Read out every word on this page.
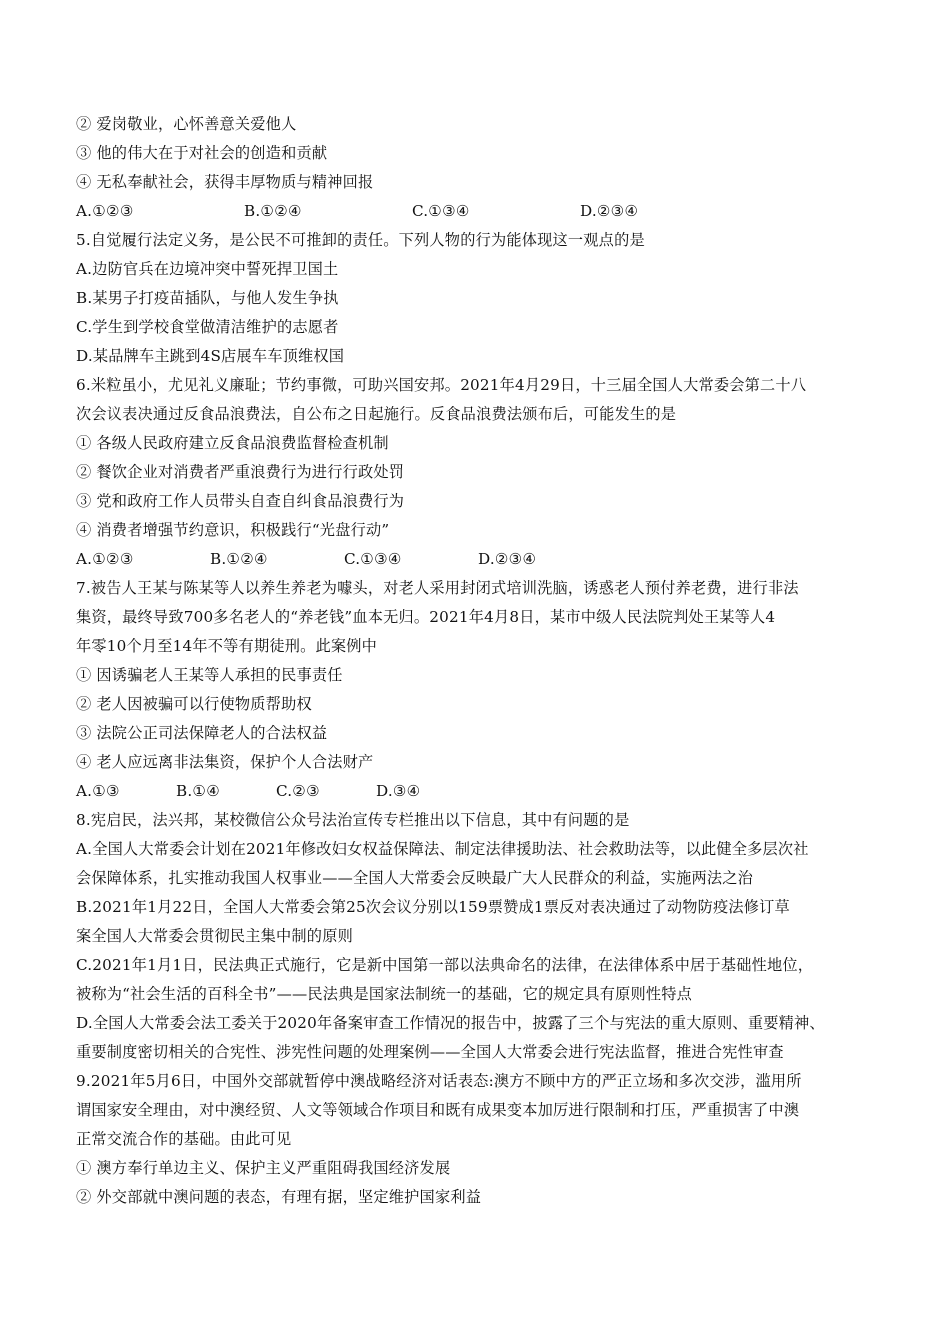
② 爱岗敬业，心怀善意关爱他人
③ 他的伟大在于对社会的创造和贡献
④ 无私奉献社会，获得丰厚物质与精神回报
A.①②③	B.①②④	C.①③④	D.②③④
5.自觉履行法定义务，是公民不可推卸的责任。下列人物的行为能体现这一观点的是
A.边防官兵在边境冲突中誓死捍卫国土
B.某男子打疫苗插队，与他人发生争执
C.学生到学校食堂做清洁维护的志愿者
D.某品牌车主跳到4S店展车车顶维权国
6.米粒虽小，尤见礼义廉耻；节约事微，可助兴国安邦。2021年4月29日，十三届全国人大常委会第二十八
次会议表决通过反食品浪费法，自公布之日起施行。反食品浪费法颁布后，可能发生的是
① 各级人民政府建立反食品浪费监督检查机制
② 餐饮企业对消费者严重浪费行为进行行政处罚
③ 党和政府工作人员带头自查自纠食品浪费行为
④ 消费者增强节约意识，积极践行“光盘行动”
A.①②③	B.①②④	C.①③④	D.②③④
7.被告人王某与陈某等人以养生养老为噱头，对老人采用封闭式培训洗脑，诱惑老人预付养老费，进行非法
集资，最终导致700多名老人的“养老钱”血本无归。2021年4月8日，某市中级人民法院判处王某等人4
年零10个月至14年不等有期徒刑。此案例中
① 因诱骗老人王某等人承担的民事责任
② 老人因被骗可以行使物质帮助权
③ 法院公正司法保障老人的合法权益
④ 老人应远离非法集资，保护个人合法财产
A.①③	B.①④	C.②③	D.③④
8.宪启民，法兴邦，某校微信公众号法治宣传专栏推出以下信息，其中有问题的是
A.全国人大常委会计划在2021年修改妇女权益保障法、制定法律援助法、社会救助法等，以此健全多层次社
会保障体系，扎实推动我国人权事业——全国人大常委会反映最广大人民群众的利益，实施两法之治
B.2021年1月22日，全国人大常委会第25次会议分别以159票赞成1票反对表决通过了动物防疫法修订草
案全国人大常委会贯彻民主集中制的原则
C.2021年1月1日，民法典正式施行，它是新中国第一部以法典命名的法律，在法律体系中居于基础性地位，
被称为“社会生活的百科全书”——民法典是国家法制统一的基础，它的规定具有原则性特点
D.全国人大常委会法工委关于2020年备案审查工作情况的报告中，披露了三个与宪法的重大原则、重要精神、
重要制度密切相关的合宪性、涉宪性问题的处理案例——全国人大常委会进行宪法监督，推进合宪性审查
9.2021年5月6日，中国外交部就暂停中澳战略经济对话表态:澳方不顾中方的严正立场和多次交涉，滥用所
谓国家安全理由，对中澳经贸、人文等领域合作项目和既有成果变本加厉进行限制和打压，严重损害了中澳
正常交流合作的基础。由此可见
① 澳方奉行单边主义、保护主义严重阻碍我国经济发展
② 外交部就中澳问题的表态，有理有据，坚定维护国家利益
